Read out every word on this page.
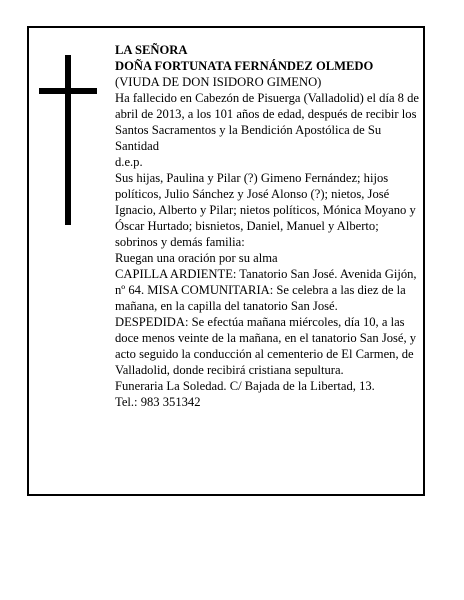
LA SEÑORA

DOÑA FORTUNATA FERNÁNDEZ OLMEDO

(VIUDA DE DON ISIDORO GIMENO)

Ha fallecido en Cabezón de Pisuerga (Valladolid) el día 8 de abril de 2013, a los 101 años de edad, después de recibir los Santos Sacramentos y la Bendición Apostólica de Su Santidad

d.e.p.

Sus hijas, Paulina y Pilar (?) Gimeno Fernández; hijos políticos, Julio Sánchez y José Alonso (?); nietos, José Ignacio, Alberto y Pilar; nietos políticos, Mónica Moyano y Óscar Hurtado; bisnietos, Daniel, Manuel y Alberto; sobrinos y demás familia:

Ruegan una oración por su alma

CAPILLA ARDIENTE: Tanatorio San José. Avenida Gijón, nº 64. MISA COMUNITARIA: Se celebra a las diez de la mañana, en la capilla del tanatorio San José.

DESPEDIDA: Se efectúa mañana miércoles, día 10, a las doce menos veinte de la mañana, en el tanatorio San José, y acto seguido la conducción al cementerio de El Carmen, de Valladolid, donde recibirá cristiana sepultura.

Funeraria La Soledad. C/ Bajada de la Libertad, 13.

Tel.: 983 351342
